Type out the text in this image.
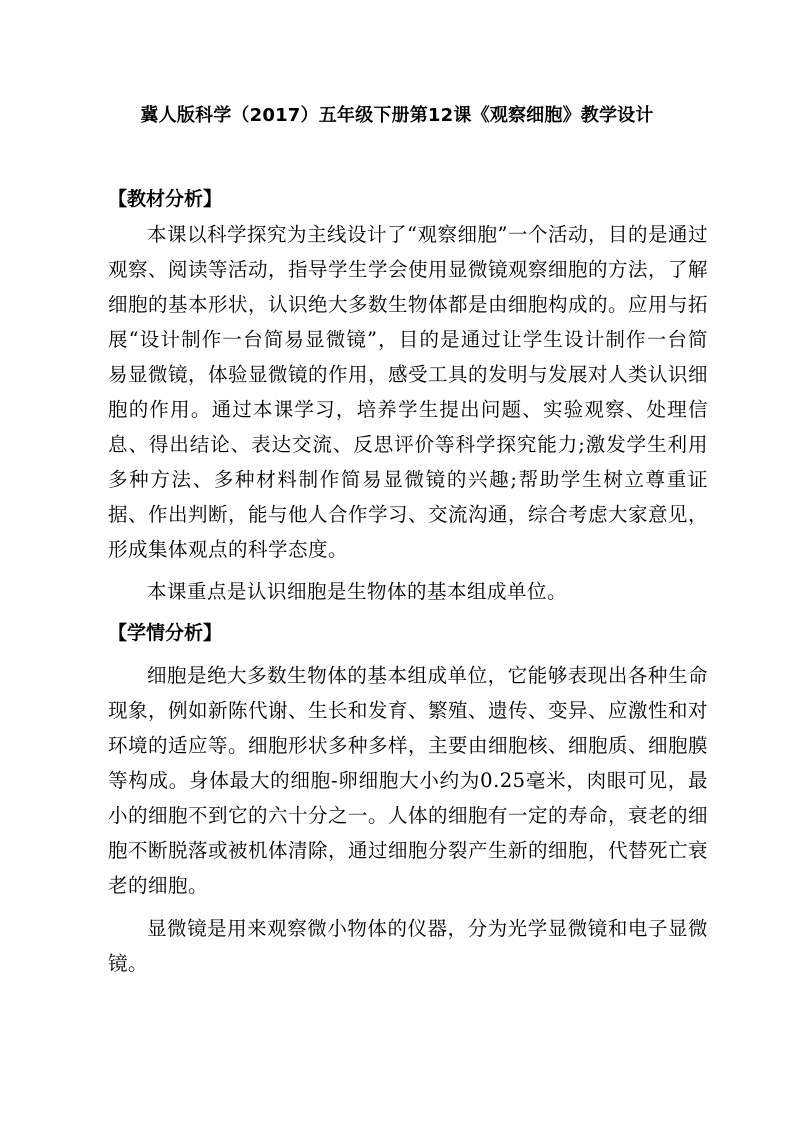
冀人版科学（2017）五年级下册第12课《观察细胞》教学设计

【教材分析】

本课以科学探究为主线设计了“观察细胞”一个活动，目的是通过观察、阅读等活动，指导学生学会使用显微镜观察细胞的方法，了解细胞的基本形状，认识绝大多数生物体都是由细胞构成的。应用与拓展“设计制作一台简易显微镜”，目的是通过让学生设计制作一台简易显微镜，体验显微镜的作用，感受工具的发明与发展对人类认识细胞的作用。通过本课学习，培养学生提出问题、实验观察、处理信息、得出结论、表达交流、反思评价等科学探究能力;激发学生利用多种方法、多种材料制作简易显微镜的兴趣;帮助学生树立尊重证据、作出判断，能与他人合作学习、交流沟通，综合考虑大家意见，形成集体观点的科学态度。

本课重点是认识细胞是生物体的基本组成单位。

【学情分析】

细胞是绝大多数生物体的基本组成单位，它能够表现出各种生命现象，例如新陈代谢、生长和发育、繁殖、遗传、变异、应激性和对环境的适应等。细胞形状多种多样，主要由细胞核、细胞质、细胞膜等构成。身体最大的细胞-卵细胞大小约为0.25毫米，肉眼可见，最小的细胞不到它的六十分之一。人体的细胞有一定的寿命，衰老的细胞不断脱落或被机体清除，通过细胞分裂产生新的细胞，代替死亡衰老的细胞。

显微镜是用来观察微小物体的仪器，分为光学显微镜和电子显微镜。
